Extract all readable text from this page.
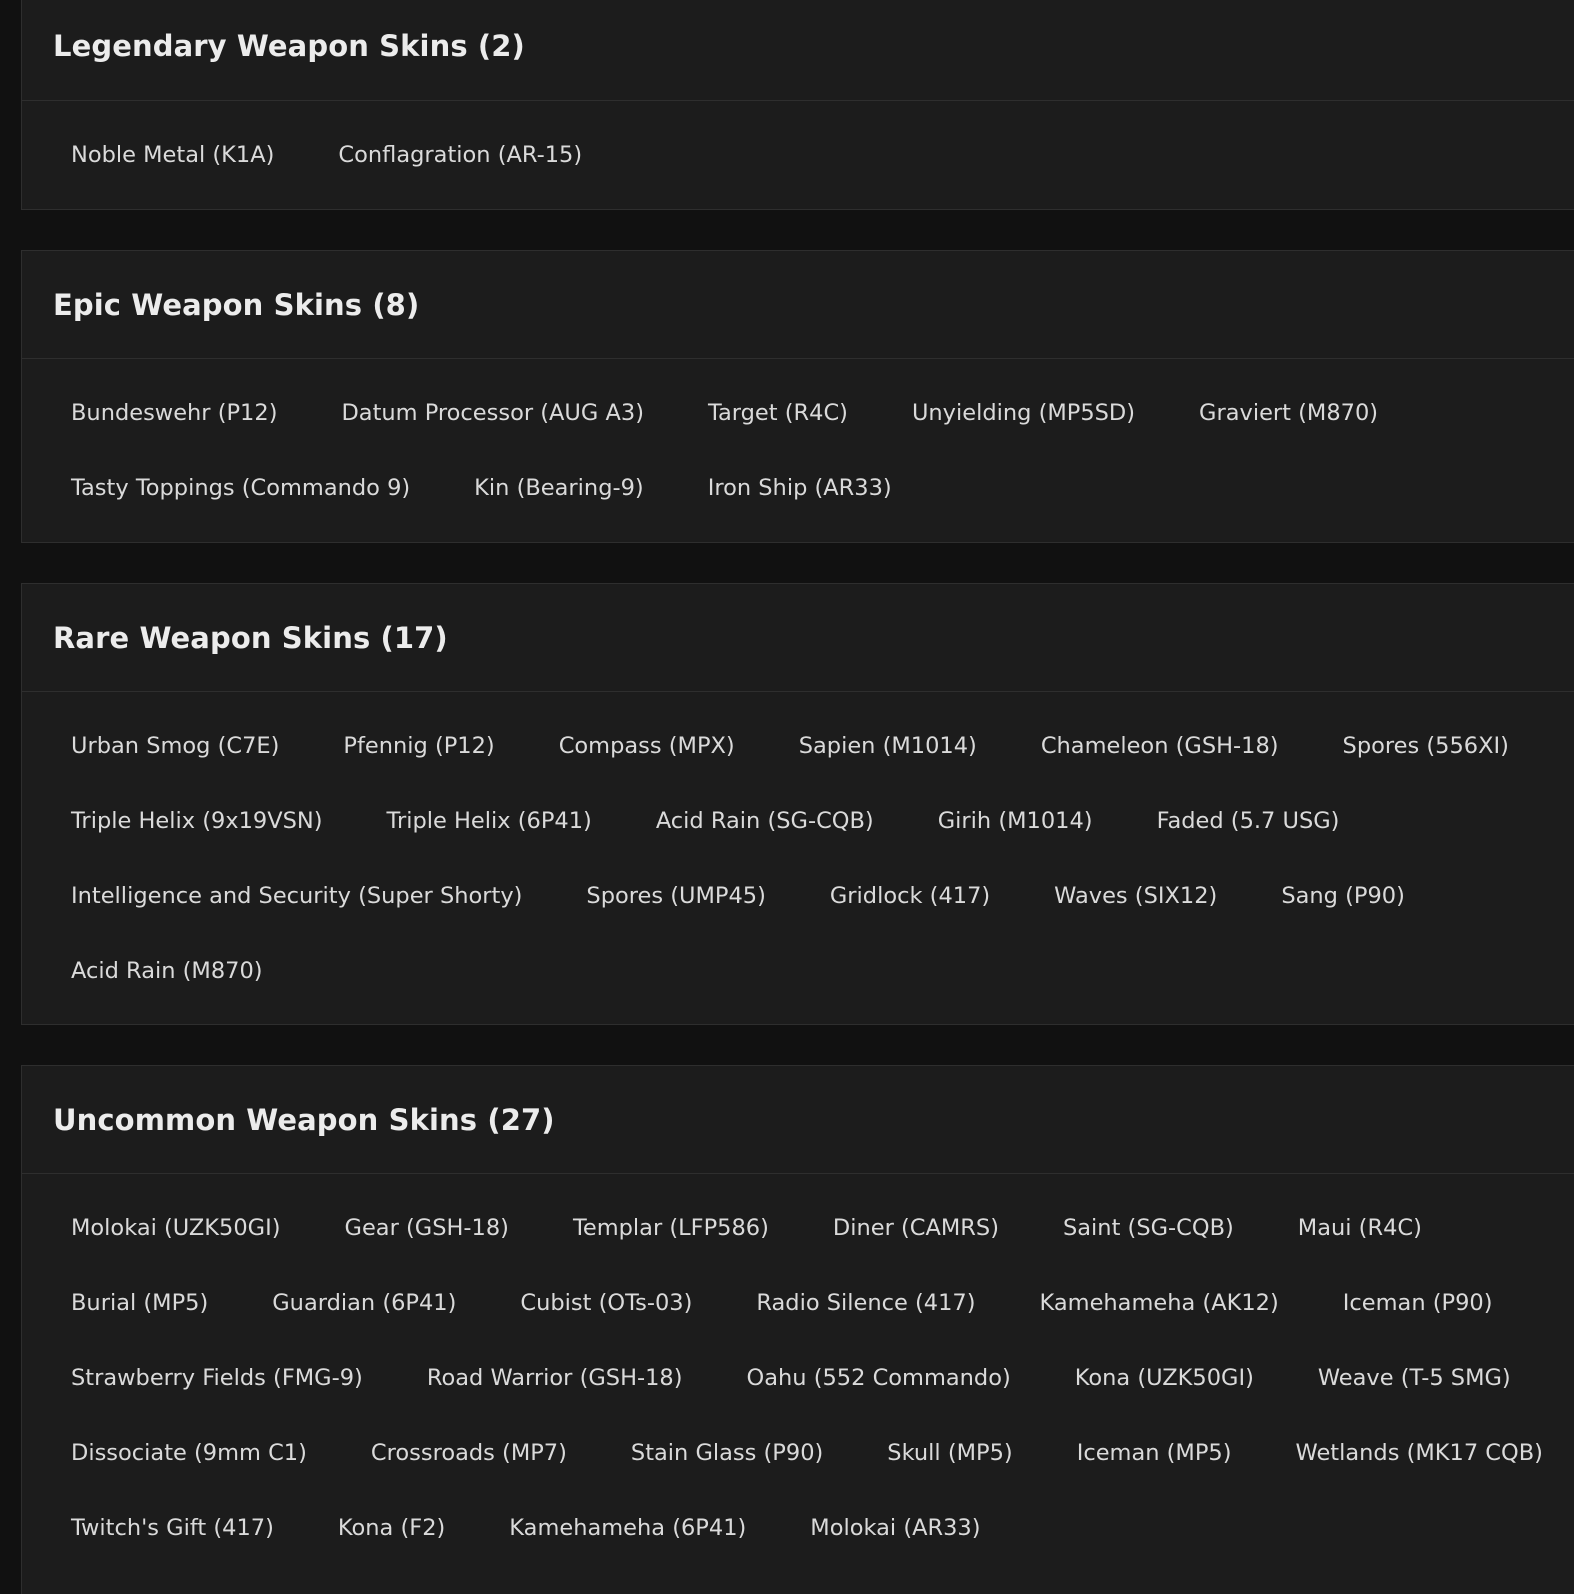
Legendary Weapon Skins (2)
Noble Metal (K1A)	Conflagration (AR-15)
Epic Weapon Skins (8)
Bundeswehr (P12)	Datum Processor (AUG A3)	Target (R4C)	Unyielding (MP5SD)	Graviert (M870)
Tasty Toppings (Commando 9)	Kin (Bearing-9)	Iron Ship (AR33)
Rare Weapon Skins (17)
Urban Smog (C7E)	Pfennig (P12)	Compass (MPX)	Sapien (M1014)	Chameleon (GSH-18)	Spores (556XI)
Triple Helix (9x19VSN)	Triple Helix (6P41)	Acid Rain (SG-CQB)	Girih (M1014)	Faded (5.7 USG)
Intelligence and Security (Super Shorty)	Spores (UMP45)	Gridlock (417)	Waves (SIX12)	Sang (P90)
Acid Rain (M870)
Uncommon Weapon Skins (27)
Molokai (UZK50GI)	Gear (GSH-18)	Templar (LFP586)	Diner (CAMRS)	Saint (SG-CQB)	Maui (R4C)
Burial (MP5)	Guardian (6P41)	Cubist (OTs-03)	Radio Silence (417)	Kamehameha (AK12)	Iceman (P90)
Strawberry Fields (FMG-9)	Road Warrior (GSH-18)	Oahu (552 Commando)	Kona (UZK50GI)	Weave (T-5 SMG)
Dissociate (9mm C1)	Crossroads (MP7)	Stain Glass (P90)	Skull (MP5)	Iceman (MP5)	Wetlands (MK17 CQB)
Twitch's Gift (417)	Kona (F2)	Kamehameha (6P41)	Molokai (AR33)
